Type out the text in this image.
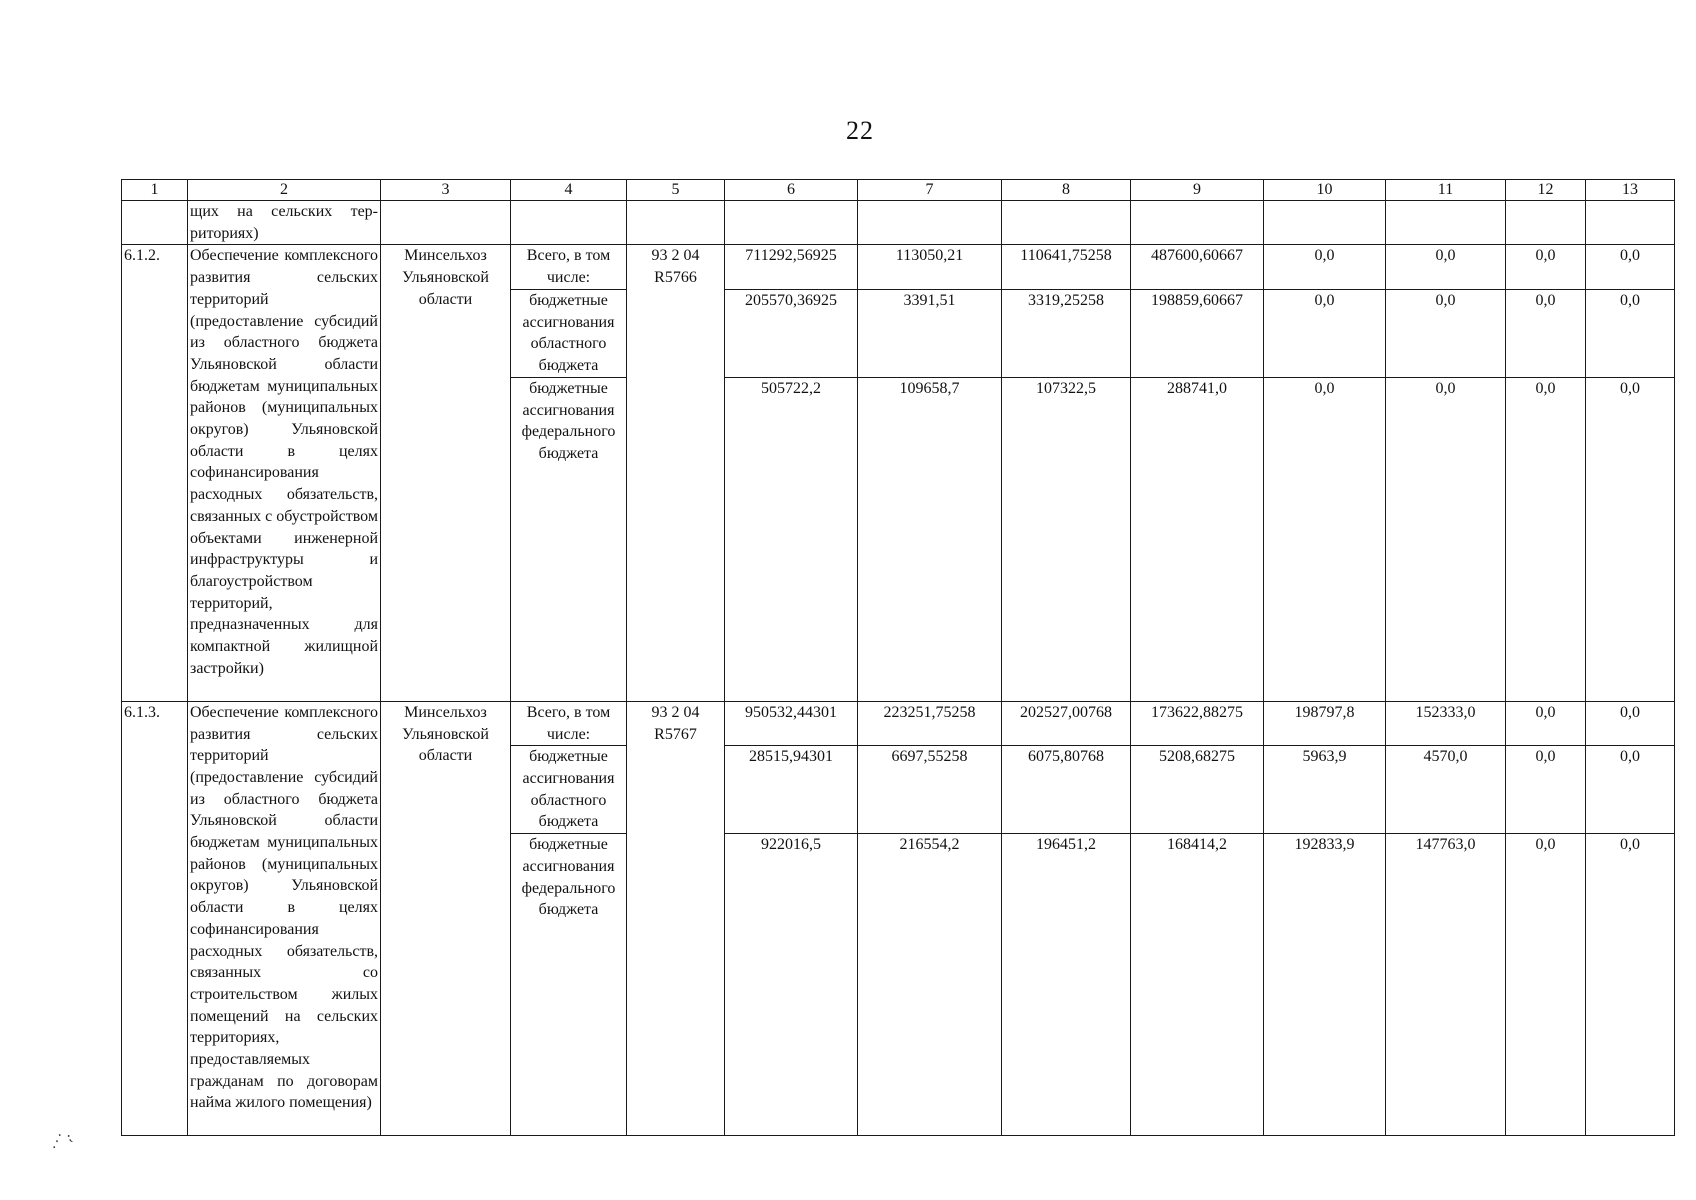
22
1	2	3	4	5	6	7	8	9	10	11	12	13
	щих на сельских тер-риториях)											
6.1.2.	Обеспечение комплексного развития сельских территорий (предоставление субсидий из областного бюджета Ульяновской области бюджетам муниципальных районов (муниципальных округов) Ульяновской области в целях софинансирования расходных обязательств, связанных с обустройством объектами инженерной инфраструктуры и благоустройством территорий, предназначенных для компактной жилищной застройки)	Минсельхоз Ульяновской области	Всего, в том числе:	93 2 04 R5766	711292,56925	113050,21	110641,75258	487600,60667	0,0	0,0	0,0	0,0
			бюджетные ассигнования областного бюджета		205570,36925	3391,51	3319,25258	198859,60667	0,0	0,0	0,0	0,0
			бюджетные ассигнования федерального бюджета		505722,2	109658,7	107322,5	288741,0	0,0	0,0	0,0	0,0
6.1.3.	Обеспечение комплексного развития сельских территорий (предоставление субсидий из областного бюджета Ульяновской области бюджетам муниципальных районов (муниципальных округов) Ульяновской области в целях софинансирования расходных обязательств, связанных со строительством жилых помещений на сельских территориях, предоставляемых гражданам по договорам найма жилого помещения)	Минсельхоз Ульяновской области	Всего, в том числе:	93 2 04 R5767	950532,44301	223251,75258	202527,00768	173622,88275	198797,8	152333,0	0,0	0,0
			бюджетные ассигнования областного бюджета		28515,94301	6697,55258	6075,80768	5208,68275	5963,9	4570,0	0,0	0,0
			бюджетные ассигнования федерального бюджета		922016,5	216554,2	196451,2	168414,2	192833,9	147763,0	0,0	0,0
⋰ ⁏
